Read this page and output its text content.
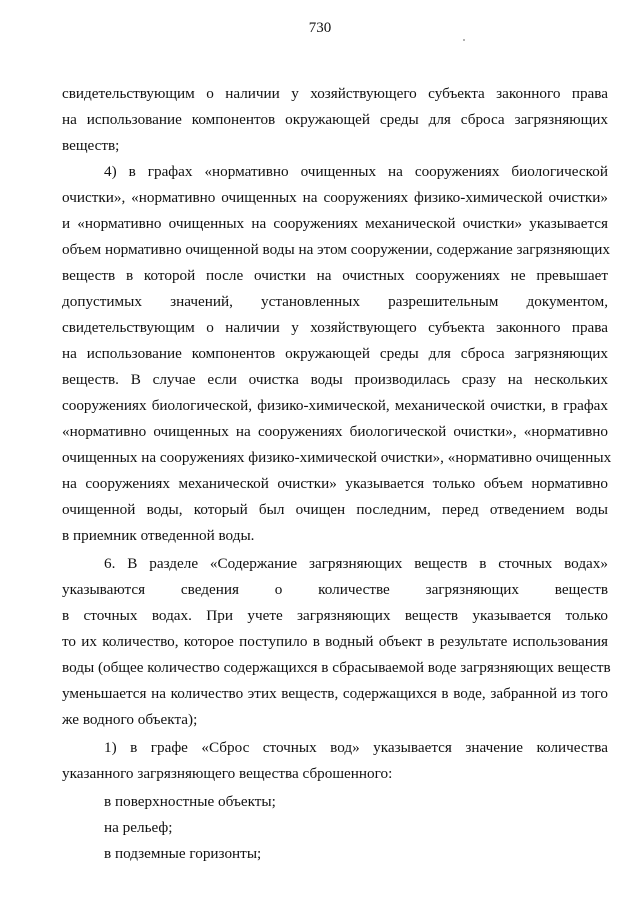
730
свидетельствующим о наличии у хозяйствующего субъекта законного права
на использование компонентов окружающей среды для сброса загрязняющих
веществ;
4) в графах «нормативно очищенных на сооружениях биологической
очистки», «нормативно очищенных на сооружениях физико-химической очистки»
и «нормативно очищенных на сооружениях механической очистки» указывается
объем нормативно очищенной воды на этом сооружении, содержание загрязняющих
веществ в которой после очистки на очистных сооружениях не превышает
допустимых значений, установленных разрешительным документом,
свидетельствующим о наличии у хозяйствующего субъекта законного права
на использование компонентов окружающей среды для сброса загрязняющих
веществ. В случае если очистка воды производилась сразу на нескольких
сооружениях биологической, физико-химической, механической очистки, в графах
«нормативно очищенных на сооружениях биологической очистки», «нормативно
очищенных на сооружениях физико-химической очистки», «нормативно очищенных
на сооружениях механической очистки» указывается только объем нормативно
очищенной воды, который был очищен последним, перед отведением воды
в приемник отведенной воды.
6. В разделе «Содержание загрязняющих веществ в сточных водах»
указываются сведения о количестве загрязняющих веществ
в сточных водах. При учете загрязняющих веществ указывается только
то их количество, которое поступило в водный объект в результате использования
воды (общее количество содержащихся в сбрасываемой воде загрязняющих веществ
уменьшается на количество этих веществ, содержащихся в воде, забранной из того
же водного объекта);
1) в графе «Сброс сточных вод» указывается значение количества
указанного загрязняющего вещества сброшенного:
в поверхностные объекты;
на рельеф;
в подземные горизонты;
